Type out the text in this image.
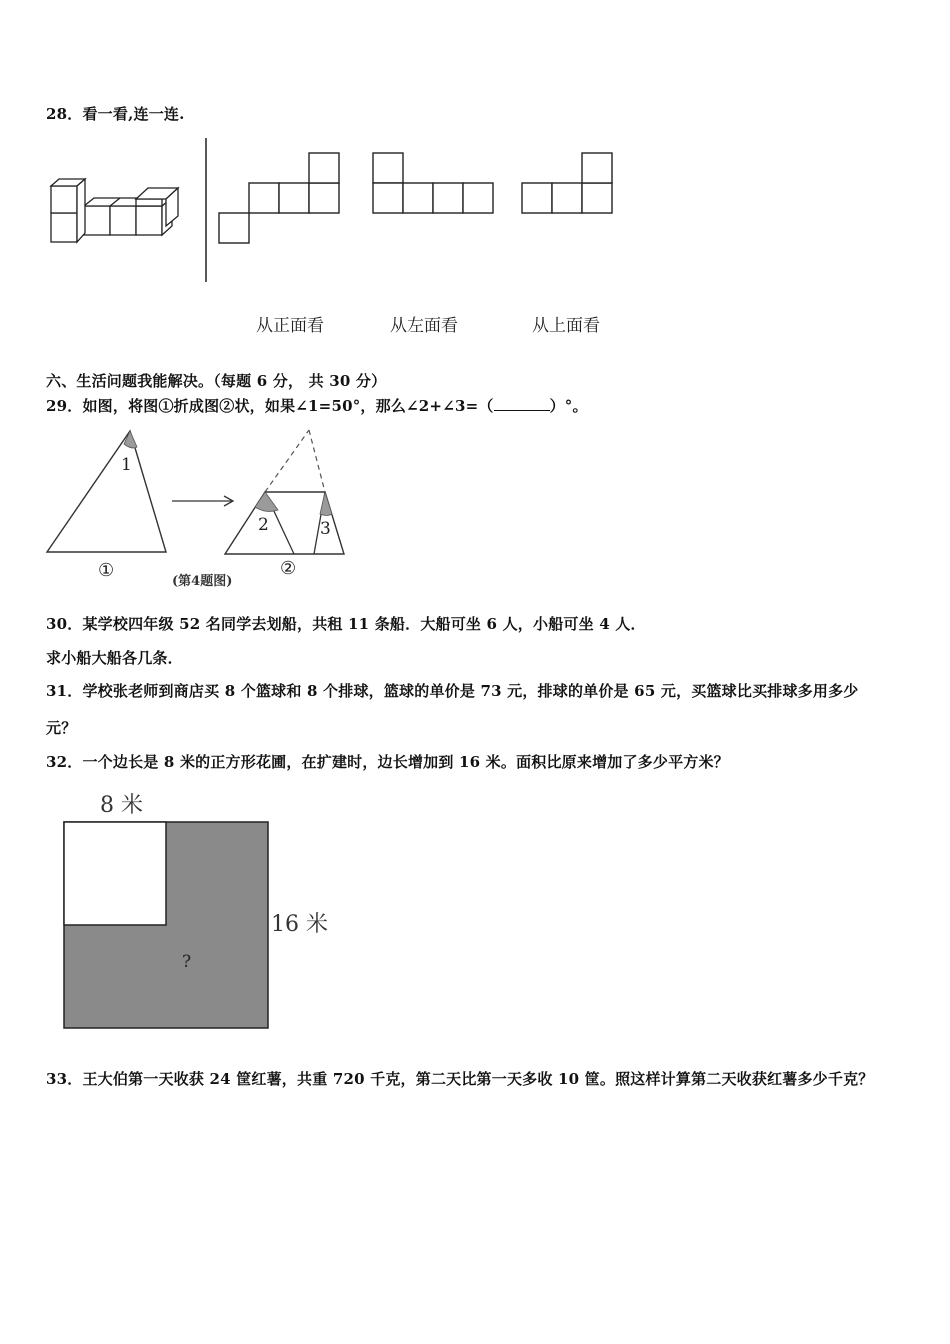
28．看一看,连一连.
从正面看	从左面看	从上面看
六、生活问题我能解决。（每题 6 分， 共 30 分）
29．如图，将图①折成图②状，如果∠1=50°，那么∠2+∠3=（	）°。
1
2	3
①	②
(第4题图)
30．某学校四年级 52 名同学去划船，共租 11 条船．大船可坐 6 人，小船可坐 4 人．
求小船大船各几条．
31．学校张老师到商店买 8 个篮球和 8 个排球，篮球的单价是 73 元，排球的单价是 65 元，买篮球比买排球多用多少
元？
32．一个边长是 8 米的正方形花圃，在扩建时，边长增加到 16 米。面积比原来增加了多少平方米？
8 米
16 米
?
33．王大伯第一天收获 24 筐红薯，共重 720 千克，第二天比第一天多收 10 筐。照这样计算第二天收获红薯多少千克？
